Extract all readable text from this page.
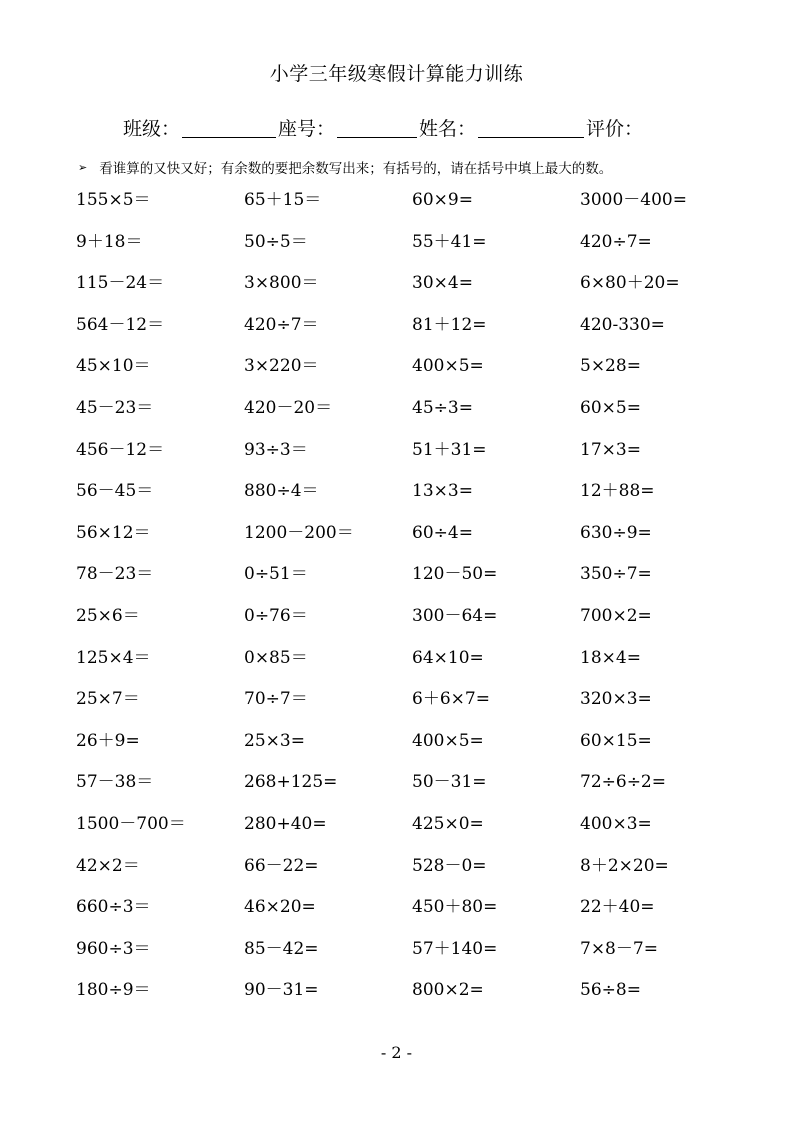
小学三年级寒假计算能力训练
班级：	座号：	姓名：	评价：
➢ 看谁算的又快又好；有余数的要把余数写出来；有括号的，请在括号中填上最大的数。
155×5＝	65＋15＝	60×9=	3000－400=
9＋18＝	50÷5＝	55＋41=	420÷7=
115－24＝	3×800＝	30×4=	6×80＋20=
564－12＝	420÷7＝	81＋12=	420-330=
45×10＝	3×220＝	400×5=	5×28=
45－23＝	420－20＝	45÷3=	60×5=
456－12＝	93÷3＝	51＋31=	17×3=
56－45＝	880÷4＝	13×3=	12＋88=
56×12＝	1200－200＝	60÷4=	630÷9=
78－23＝	0÷51＝	120－50=	350÷7=
25×6＝	0÷76＝	300－64=	700×2=
125×4＝	0×85＝	64×10=	18×4=
25×7＝	70÷7＝	6＋6×7=	320×3=
26＋9=	25×3=	400×5=	60×15=
57－38＝	268+125=	50－31=	72÷6÷2=
1500－700＝	280+40=	425×0=	400×3=
42×2＝	66－22=	528－0=	8＋2×20=
660÷3＝	46×20=	450＋80=	22＋40=
960÷3＝	85－42=	57＋140=	7×8－7=
180÷9＝	90－31=	800×2=	56÷8=
- 2 -
